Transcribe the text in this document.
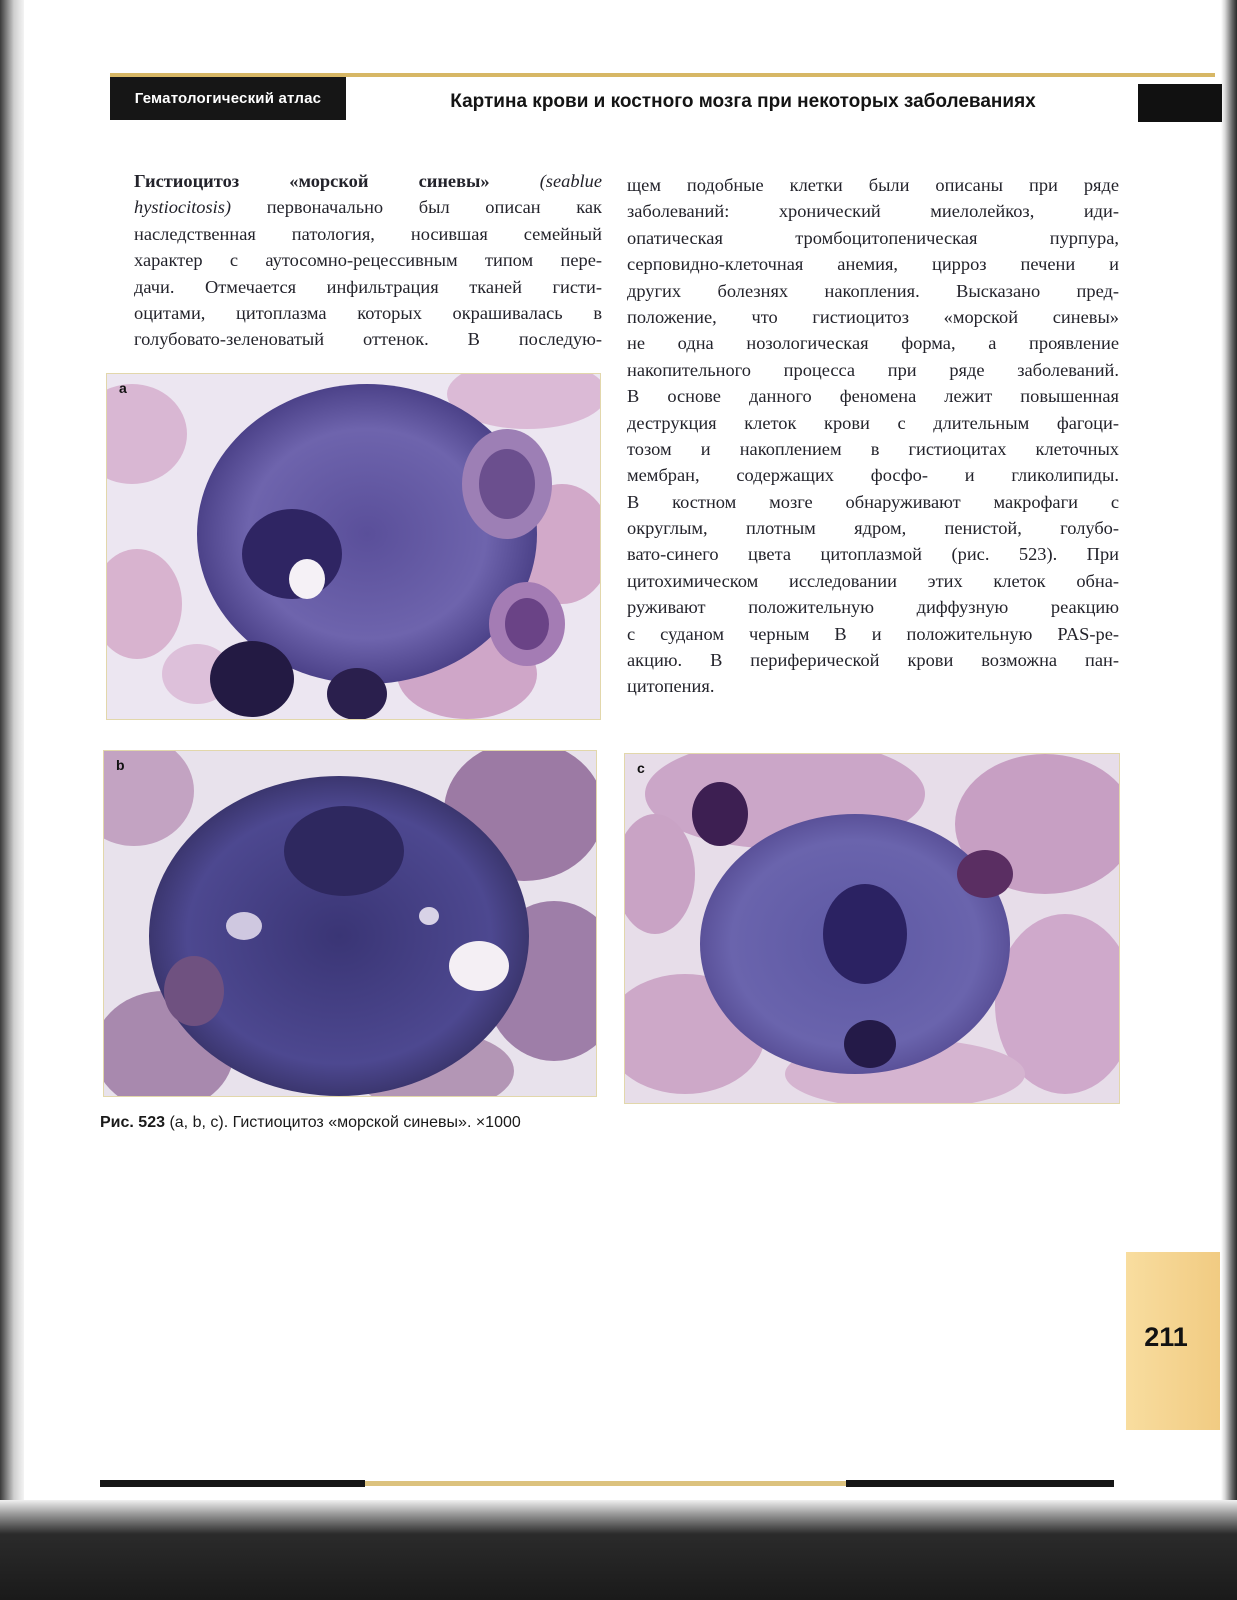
Гематологический атлас	Картина крови и костного мозга при некоторых заболеваниях
Гистиоцитоз «морской синевы»	(seablue
hystiocitosis) первоначально был описан как
наследственная патология, носившая семейный
характер с аутосомно-рецессивным типом пере-
дачи. Отмечается инфильтрация тканей гисти-
оцитами, цитоплазма которых окрашивалась в
голубовато-зеленоватый оттенок. В последую-
щем подобные клетки были описаны при ряде
заболеваний: хронический миелолейкоз, иди-
опатическая тромбоцитопеническая пурпура,
серповидно-клеточная анемия, цирроз печени и
других болезнях накопления. Высказано пред-
положение, что гистиоцитоз «морской синевы»
не одна нозологическая форма, а проявление
накопительного процесса при ряде заболеваний.
В основе данного феномена лежит повышенная
деструкция клеток крови с длительным фагоци-
тозом и накоплением в гистиоцитах клеточных
мембран, содержащих фосфо- и гликолипиды.
В костном мозге обнаруживают макрофаги с
округлым, плотным ядром, пенистой, голубо-
вато-синего цвета цитоплазмой (рис. 523). При
цитохимическом исследовании этих клеток обна-
руживают положительную диффузную реакцию
с суданом черным В и положительную PAS-ре-
акцию. В периферической крови возможна пан-
цитопения.
a
b	c
Рис. 523 (a, b, c). Гистиоцитоз «морской синевы». ×1000
211
